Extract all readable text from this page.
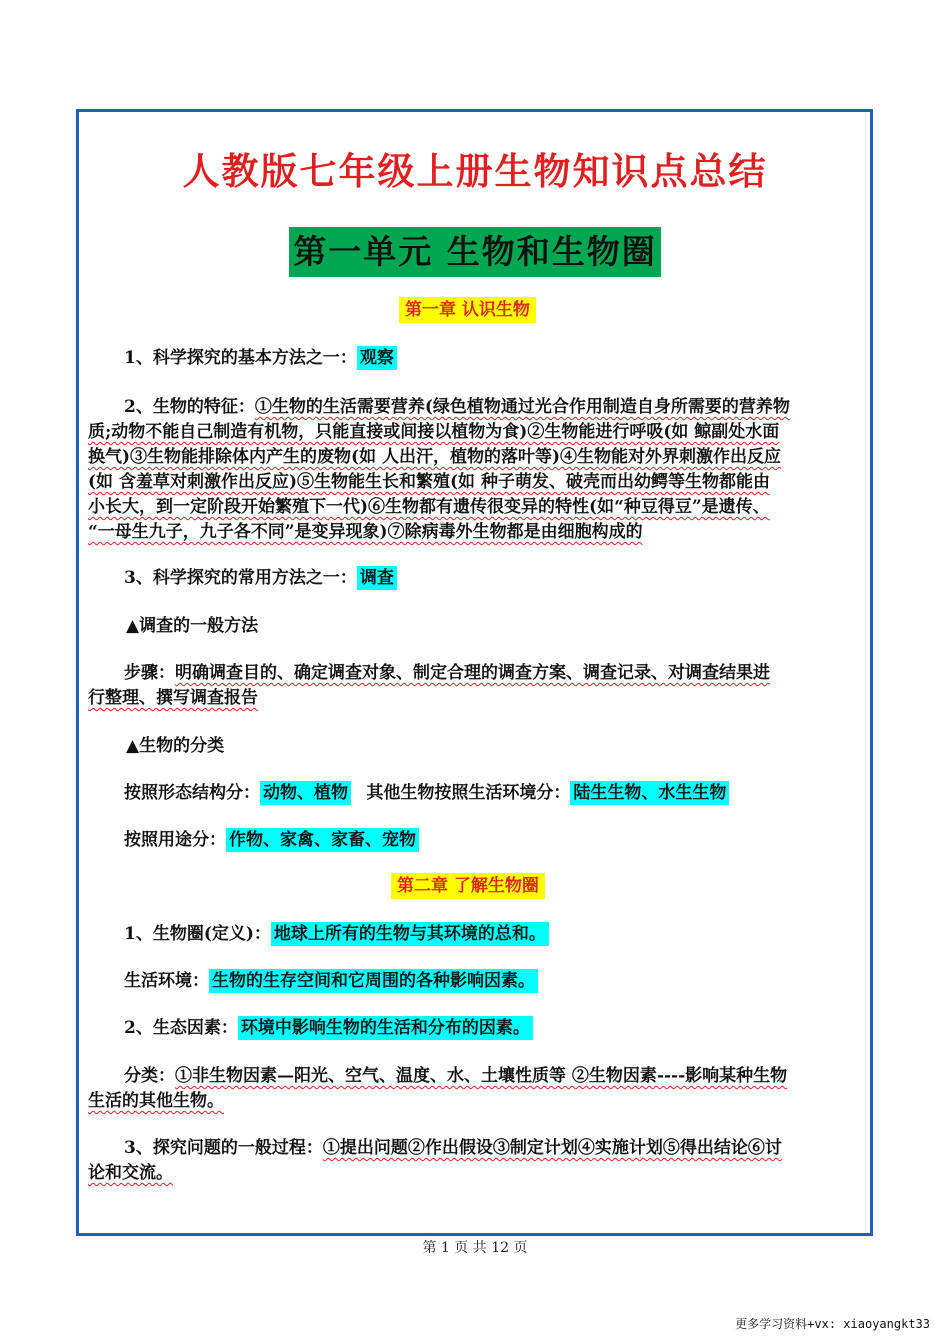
人教版七年级上册生物知识点总结
第一单元 生物和生物圈
第一章 认识生物
1、科学探究的基本方法之一： 观察
2、生物的特征：①生物的生活需要营养(绿色植物通过光合作用制造自身所需要的营养物
质;动物不能自己制造有机物，只能直接或间接以植物为食)②生物能进行呼吸(如 鲸副处水面
换气)③生物能排除体内产生的废物(如 人出汗，植物的落叶等)④生物能对外界刺激作出反应
(如 含羞草对刺激作出反应)⑤生物能生长和繁殖(如 种子萌发、破壳而出幼鳄等生物都能由
小长大，到一定阶段开始繁殖下一代)⑥生物都有遗传很变异的特性(如“种豆得豆”是遗传、
“一母生九子，九子各不同”是变异现象)⑦除病毒外生物都是由细胞构成的
3、科学探究的常用方法之一： 调查
▲调查的一般方法
步骤：明确调查目的、确定调查对象、制定合理的调查方案、调查记录、对调查结果进
行整理、撰写调查报告
▲生物的分类
按照形态结构分： 动物、植物 其他生物按照生活环境分： 陆生生物、水生生物
按照用途分： 作物、家禽、家畜、宠物
第二章 了解生物圈
1、生物圈(定义)： 地球上所有的生物与其环境的总和。
生活环境： 生物的生存空间和它周围的各种影响因素。
2、生态因素： 环境中影响生物的生活和分布的因素。
分类：①非生物因素—阳光、空气、温度、水、土壤性质等 ②生物因素----影响某种生物
生活的其他生物。
3、探究问题的一般过程：①提出问题②作出假设③制定计划④实施计划⑤得出结论⑥讨
论和交流。
第 1 页 共 12 页
更多学习资料+vx: xiaoyangkt33
